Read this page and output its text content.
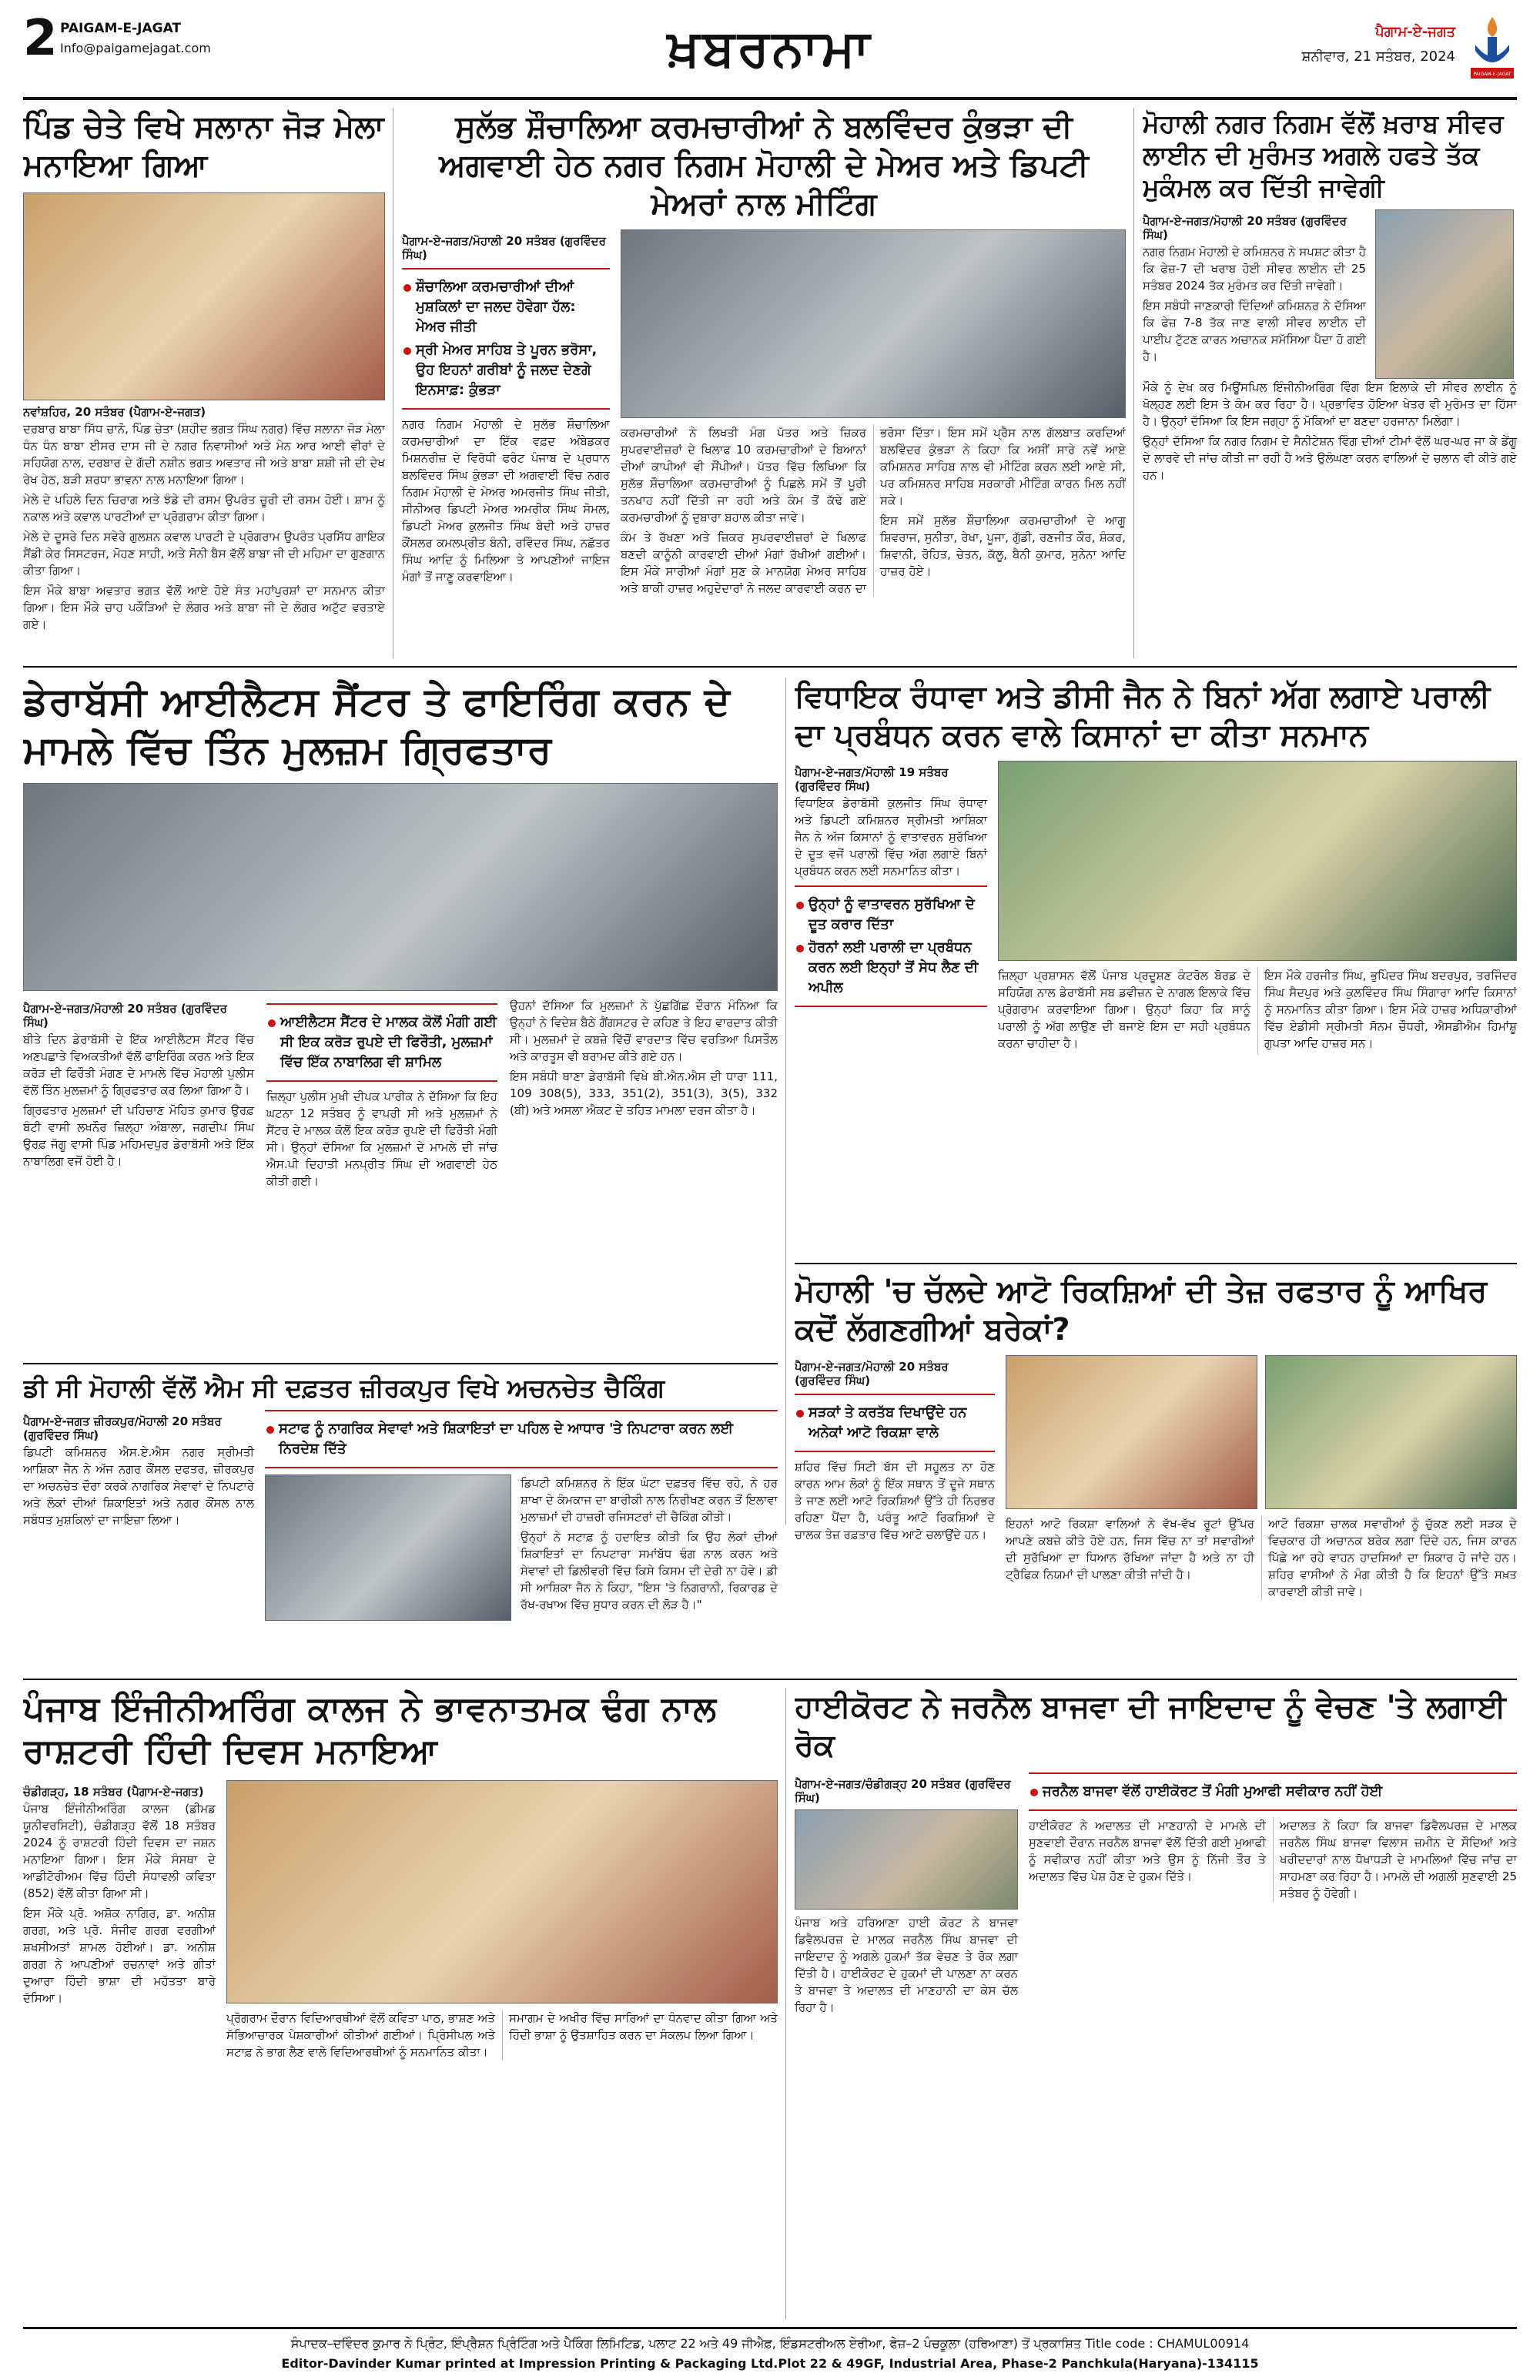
2 PAIGAM-E-JAGAT
Info@paigamejagat.com	ਖ਼ਬਰਨਾਮਾ	ਪੈਗਾਮ-ਏ-ਜਗਤ
ਸ਼ਨੀਵਾਰ, 21 ਸਤੰਬਰ, 2024
PAIGAM-E-JAGAT
ਪਿੰਡ ਚੇਤੇ ਵਿਖੇ ਸਲਾਨਾ ਜੋੜ ਮੇਲਾ ਮਨਾਇਆ ਗਿਆ
ਨਵਾਂਸ਼ਹਿਰ, 20 ਸਤੰਬਰ (ਪੈਗਾਮ-ਏ-ਜਗਤ)

ਦਰਬਾਰ ਬਾਬਾ ਸਿੱਧ ਚਾਨੋ, ਪਿੰਡ ਚੇਤਾ (ਸ਼ਹੀਦ ਭਗਤ ਸਿੰਘ ਨਗਰ) ਵਿੱਚ ਸਲਾਨਾ ਜੋੜ ਮੇਲਾ ਧੰਨ ਧੰਨ ਬਾਬਾ ਈਸਰ ਦਾਸ ਜੀ ਦੇ ਨਗਰ ਨਿਵਾਸੀਆਂ ਅਤੇ ਮੇਨ ਆਰ ਆਈ ਵੀਰਾਂ ਦੇ ਸਹਿਯੋਗ ਨਾਲ, ਦਰਬਾਰ ਦੇ ਗੱਦੀ ਨਸ਼ੀਨ ਭਗਤ ਅਵਤਾਰ ਜੀ ਅਤੇ ਬਾਬਾ ਸ਼ਸ਼ੀ ਜੀ ਦੀ ਦੇਖ ਰੇਖ ਹੇਠ, ਬੜੀ ਸ਼ਰਧਾ ਭਾਵਨਾ ਨਾਲ ਮਨਾਇਆ ਗਿਆ।

ਮੇਲੇ ਦੇ ਪਹਿਲੇ ਦਿਨ ਚਿਰਾਗ ਅਤੇ ਝੰਡੇ ਦੀ ਰਸਮ ਉਪਰੰਤ ਚੂਰੀ ਦੀ ਰਸਮ ਹੋਈ। ਸ਼ਾਮ ਨੂੰ ਨਕਾਲ ਅਤੇ ਕਵਾਲ ਪਾਰਟੀਆਂ ਦਾ ਪ੍ਰੋਗਰਾਮ ਕੀਤਾ ਗਿਆ।

ਮੇਲੇ ਦੇ ਦੂਸਰੇ ਦਿਨ ਸਵੇਰੇ ਗੁਲਸ਼ਨ ਕਵਾਲ ਪਾਰਟੀ ਦੇ ਪ੍ਰੋਗਰਾਮ ਉਪਰੰਤ ਪ੍ਰਸਿੱਧ ਗਾਇਕ ਸੈਂਡੀ ਕੇਰ ਸਿਸਟਰਜ, ਮੋਹਣ ਸਾਹੀ, ਅਤੇ ਸੋਨੀ ਬੈਸ ਵੱਲੋਂ ਬਾਬਾ ਜੀ ਦੀ ਮਹਿਮਾ ਦਾ ਗੁਣਗਾਨ ਕੀਤਾ ਗਿਆ।

ਇਸ ਮੌਕੇ ਬਾਬਾ ਅਵਤਾਰ ਭਗਤ ਵੱਲੋਂ ਆਏ ਹੋਏ ਸੰਤ ਮਹਾਂਪੁਰਸ਼ਾਂ ਦਾ ਸਨਮਾਨ ਕੀਤਾ ਗਿਆ। ਇਸ ਮੌਕੇ ਚਾਹ ਪਕੌੜਿਆਂ ਦੇ ਲੰਗਰ ਅਤੇ ਬਾਬਾ ਜੀ ਦੇ ਲੰਗਰ ਅਟੁੱਟ ਵਰਤਾਏ ਗਏ।

ਸੁਲੱਭ ਸ਼ੌਚਾਲਿਆ ਕਰਮਚਾਰੀਆਂ ਨੇ ਬਲਵਿੰਦਰ ਕੁੰਭੜਾ ਦੀ ਅਗਵਾਈ ਹੇਠ ਨਗਰ ਨਿਗਮ ਮੋਹਾਲੀ ਦੇ ਮੇਅਰ ਅਤੇ ਡਿਪਟੀ ਮੇਅਰਾਂ ਨਾਲ ਮੀਟਿੰਗ
ਪੈਗਾਮ-ਏ-ਜਗਤ/ਮੋਹਾਲੀ 20 ਸਤੰਬਰ (ਗੁਰਵਿੰਦਰ ਸਿੰਘ)
ਸ਼ੌਚਾਲਿਆ ਕਰਮਚਾਰੀਆਂ ਦੀਆਂ ਮੁਸ਼ਕਿਲਾਂ ਦਾ ਜਲਦ ਹੋਵੇਗਾ ਹੱਲ: ਮੇਅਰ ਜੀਤੀ
ਸ੍ਰੀ ਮੇਅਰ ਸਾਹਿਬ ਤੇ ਪੂਰਨ ਭਰੋਸਾ, ਉਹ ਇਹਨਾਂ ਗਰੀਬਾਂ ਨੂੰ ਜਲਦ ਦੇਣਗੇ ਇਨਸਾਫ਼: ਕੁੰਭੜਾ

ਨਗਰ ਨਿਗਮ ਮੋਹਾਲੀ ਦੇ ਸੁਲੱਭ ਸ਼ੌਚਾਲਿਆ ਕਰਮਚਾਰੀਆਂ ਦਾ ਇੱਕ ਵਫ਼ਦ ਅੰਬੇਡਕਰ ਮਿਸ਼ਨਰੀਜ਼ ਦੇ ਵਿਰੋਧੀ ਫਰੰਟ ਪੰਜਾਬ ਦੇ ਪ੍ਰਧਾਨ ਬਲਵਿੰਦਰ ਸਿੰਘ ਕੁੰਭੜਾ ਦੀ ਅਗਵਾਈ ਵਿੱਚ ਨਗਰ ਨਿਗਮ ਮੋਹਾਲੀ ਦੇ ਮੇਅਰ ਅਮਰਜੀਤ ਸਿੰਘ ਜੀਤੀ, ਸੀਨੀਅਰ ਡਿਪਟੀ ਮੇਅਰ ਅਮਰੀਕ ਸਿੰਘ ਸੋਮਲ, ਡਿਪਟੀ ਮੇਅਰ ਕੁਲਜੀਤ ਸਿੰਘ ਬੇਦੀ ਅਤੇ ਹਾਜ਼ਰ ਕੌਂਸਲਰ ਕਮਲਪ੍ਰੀਤ ਬੰਨੀ, ਰਵਿੰਦਰ ਸਿੰਘ, ਨਛੱਤਰ ਸਿੰਘ ਆਦਿ ਨੂੰ ਮਿਲਿਆ ਤੇ ਆਪਣੀਆਂ ਜਾਇਜ ਮੰਗਾਂ ਤੋਂ ਜਾਣੂ ਕਰਵਾਇਆ।

ਕਰਮਚਾਰੀਆਂ ਨੇ ਲਿਖਤੀ ਮੰਗ ਪੱਤਰ ਅਤੇ ਜ਼ਿਕਰ ਸੁਪਰਵਾਈਜ਼ਰਾਂ ਦੇ ਖਿਲਾਫ 10 ਕਰਮਚਾਰੀਆਂ ਦੇ ਬਿਆਨਾਂ ਦੀਆਂ ਕਾਪੀਆਂ ਵੀ ਸੌਂਪੀਆਂ। ਪੱਤਰ ਵਿੱਚ ਲਿਖਿਆ ਕਿ ਸੁਲੱਭ ਸ਼ੌਚਾਲਿਆ ਕਰਮਚਾਰੀਆਂ ਨੂੰ ਪਿਛਲੇ ਸਮੇਂ ਤੋਂ ਪੂਰੀ ਤਨਖਾਹ ਨਹੀਂ ਦਿੱਤੀ ਜਾ ਰਹੀ ਅਤੇ ਕੰਮ ਤੋਂ ਕੱਢੇ ਗਏ ਕਰਮਚਾਰੀਆਂ ਨੂੰ ਦੁਬਾਰਾ ਬਹਾਲ ਕੀਤਾ ਜਾਵੇ।

ਕੰਮ ਤੇ ਰੱਖਣਾ ਅਤੇ ਜ਼ਿਕਰ ਸੁਪਰਵਾਈਜ਼ਰਾਂ ਦੇ ਖਿਲਾਫ ਬਣਦੀ ਕਾਨੂੰਨੀ ਕਾਰਵਾਈ ਦੀਆਂ ਮੰਗਾਂ ਰੱਖੀਆਂ ਗਈਆਂ। ਇਸ ਮੌਕੇ ਸਾਰੀਆਂ ਮੰਗਾਂ ਸੁਣ ਕੇ ਮਾਨਯੋਗ ਮੇਅਰ ਸਾਹਿਬ ਅਤੇ ਬਾਕੀ ਹਾਜ਼ਰ ਅਹੁਦੇਦਾਰਾਂ ਨੇ ਜਲਦ ਕਾਰਵਾਈ ਕਰਨ ਦਾ ਭਰੋਸਾ ਦਿੱਤਾ। ਇਸ ਸਮੇਂ ਪ੍ਰੈਸ ਨਾਲ ਗੱਲਬਾਤ ਕਰਦਿਆਂ ਬਲਵਿੰਦਰ ਕੁੰਭੜਾ ਨੇ ਕਿਹਾ ਕਿ ਅਸੀਂ ਸਾਰੇ ਨਵੇਂ ਆਏ ਕਮਿਸ਼ਨਰ ਸਾਹਿਬ ਨਾਲ ਵੀ ਮੀਟਿੰਗ ਕਰਨ ਲਈ ਆਏ ਸੀ, ਪਰ ਕਮਿਸ਼ਨਰ ਸਾਹਿਬ ਸਰਕਾਰੀ ਮੀਟਿੰਗ ਕਾਰਨ ਮਿਲ ਨਹੀਂ ਸਕੇ।

ਇਸ ਸਮੇਂ ਸੁਲੱਭ ਸ਼ੌਚਾਲਿਆ ਕਰਮਚਾਰੀਆਂ ਦੇ ਆਗੂ ਸ਼ਿਵਰਾਜ, ਸੁਨੀਤਾ, ਰੇਖਾ, ਪੂਜਾ, ਗੁੱਡੀ, ਰਣਜੀਤ ਕੌਰ, ਸ਼ੰਕਰ, ਸ਼ਿਵਾਨੀ, ਰੋਹਿਤ, ਚੇਤਨ, ਕੱਲੂ, ਬੈਨੀ ਕੁਮਾਰ, ਸੁਨੇਨਾ ਆਦਿ ਹਾਜ਼ਰ ਹੋਏ।

ਮੋਹਾਲੀ ਨਗਰ ਨਿਗਮ ਵੱਲੋਂ ਖ਼ਰਾਬ ਸੀਵਰ ਲਾਈਨ ਦੀ ਮੁਰੰਮਤ ਅਗਲੇ ਹਫਤੇ ਤੱਕ ਮੁਕੰਮਲ ਕਰ ਦਿੱਤੀ ਜਾਵੇਗੀ
ਪੈਗਾਮ-ਏ-ਜਗਤ/ਮੋਹਾਲੀ 20 ਸਤੰਬਰ (ਗੁਰਵਿੰਦਰ ਸਿੰਘ)

ਨਗਰ ਨਿਗਮ ਮੋਹਾਲੀ ਦੇ ਕਮਿਸ਼ਨਰ ਨੇ ਸਪਸ਼ਟ ਕੀਤਾ ਹੈ ਕਿ ਫੇਜ਼-7 ਦੀ ਖਰਾਬ ਹੋਈ ਸੀਵਰ ਲਾਈਨ ਦੀ 25 ਸਤੰਬਰ 2024 ਤੱਕ ਮੁਰੰਮਤ ਕਰ ਦਿੱਤੀ ਜਾਵੇਗੀ।

ਇਸ ਸਬੰਧੀ ਜਾਣਕਾਰੀ ਦਿੰਦਿਆਂ ਕਮਿਸ਼ਨਰ ਨੇ ਦੱਸਿਆ ਕਿ ਫੇਜ਼ 7-8 ਤੱਕ ਜਾਣ ਵਾਲੀ ਸੀਵਰ ਲਾਈਨ ਦੀ ਪਾਈਪ ਟੁੱਟਣ ਕਾਰਨ ਅਚਾਨਕ ਸਮੱਸਿਆ ਪੈਦਾ ਹੋ ਗਈ ਹੈ।

ਮੌਕੇ ਨੂੰ ਦੇਖ ਕਰ ਮਿਊਂਸਪਿਲ ਇੰਜੀਨੀਅਰਿੰਗ ਵਿੰਗ ਇਸ ਇਲਾਕੇ ਦੀ ਸੀਵਰ ਲਾਈਨ ਨੂੰ ਖੋਲ੍ਹਣ ਲਈ ਇਸ ਤੇ ਕੰਮ ਕਰ ਰਿਹਾ ਹੈ। ਪ੍ਰਭਾਵਿਤ ਹੋਇਆ ਖੇਤਰ ਵੀ ਮੁਰੰਮਤ ਦਾ ਹਿੱਸਾ ਹੈ। ਉਨ੍ਹਾਂ ਦੱਸਿਆ ਕਿ ਇਸ ਜਗ੍ਹਾ ਨੂੰ ਮੋਕਿਆਂ ਦਾ ਬਣਦਾ ਹਰਜਾਨਾ ਮਿਲੇਗਾ।

ਉਨ੍ਹਾਂ ਦੱਸਿਆ ਕਿ ਨਗਰ ਨਿਗਮ ਦੇ ਸੈਨੀਟੇਸ਼ਨ ਵਿੰਗ ਦੀਆਂ ਟੀਮਾਂ ਵੱਲੋਂ ਘਰ-ਘਰ ਜਾ ਕੇ ਡੇਂਗੂ ਦੇ ਲਾਰਵੇ ਦੀ ਜਾਂਚ ਕੀਤੀ ਜਾ ਰਹੀ ਹੈ ਅਤੇ ਉਲੰਘਣਾ ਕਰਨ ਵਾਲਿਆਂ ਦੇ ਚਲਾਨ ਵੀ ਕੀਤੇ ਗਏ ਹਨ।

ਡੇਰਾਬੱਸੀ ਆਈਲੈਟਸ ਸੈਂਟਰ ਤੇ ਫਾਇਰਿੰਗ ਕਰਨ ਦੇ ਮਾਮਲੇ ਵਿੱਚ ਤਿੰਨ ਮੁਲਜ਼ਮ ਗ੍ਰਿਫਤਾਰ
ਪੈਗਾਮ-ਏ-ਜਗਤ/ਮੋਹਾਲੀ 20 ਸਤੰਬਰ (ਗੁਰਵਿੰਦਰ ਸਿੰਘ)

ਬੀਤੇ ਦਿਨ ਡੇਰਾਬੱਸੀ ਦੇ ਇੱਕ ਆਈਲੈਟਸ ਸੈਂਟਰ ਵਿੱਚ ਅਣਪਛਾਤੇ ਵਿਅਕਤੀਆਂ ਵੱਲੋਂ ਫਾਇਰਿੰਗ ਕਰਨ ਅਤੇ ਇਕ ਕਰੋੜ ਦੀ ਫਿਰੌਤੀ ਮੰਗਣ ਦੇ ਮਾਮਲੇ ਵਿੱਚ ਮੋਹਾਲੀ ਪੁਲੀਸ ਵੱਲੋਂ ਤਿੰਨ ਮੁਲਜ਼ਮਾਂ ਨੂੰ ਗ੍ਰਿਫਤਾਰ ਕਰ ਲਿਆ ਗਿਆ ਹੈ।

ਗ੍ਰਿਫਤਾਰ ਮੁਲਜ਼ਮਾਂ ਦੀ ਪਹਿਚਾਣ ਮੋਹਿਤ ਕੁਮਾਰ ਉਰਫ਼ ਬੰਟੀ ਵਾਸੀ ਲਖਨੌਰ ਜ਼ਿਲ੍ਹਾ ਅੰਬਾਲਾ, ਜਗਦੀਪ ਸਿੰਘ ਉਰਫ਼ ਜੱਗੂ ਵਾਸੀ ਪਿੰਡ ਮਹਿਮਦਪੁਰ ਡੇਰਾਬੱਸੀ ਅਤੇ ਇੱਕ ਨਾਬਾਲਿਗ ਵਜੋਂ ਹੋਈ ਹੈ।

ਆਈਲੈਟਸ ਸੈਂਟਰ ਦੇ ਮਾਲਕ ਕੋਲੋਂ ਮੰਗੀ ਗਈ ਸੀ ਇਕ ਕਰੋੜ ਰੁਪਏ ਦੀ ਫਿਰੌਤੀ, ਮੁਲਜ਼ਮਾਂ ਵਿੱਚ ਇੱਕ ਨਾਬਾਲਿਗ ਵੀ ਸ਼ਾਮਿਲ

ਜ਼ਿਲ੍ਹਾ ਪੁਲੀਸ ਮੁਖੀ ਦੀਪਕ ਪਾਰੀਕ ਨੇ ਦੱਸਿਆ ਕਿ ਇਹ ਘਟਨਾ 12 ਸਤੰਬਰ ਨੂੰ ਵਾਪਰੀ ਸੀ ਅਤੇ ਮੁਲਜ਼ਮਾਂ ਨੇ ਸੈਂਟਰ ਦੇ ਮਾਲਕ ਕੋਲੋਂ ਇਕ ਕਰੋੜ ਰੁਪਏ ਦੀ ਫਿਰੌਤੀ ਮੰਗੀ ਸੀ। ਉਨ੍ਹਾਂ ਦੱਸਿਆ ਕਿ ਮੁਲਜ਼ਮਾਂ ਦੇ ਮਾਮਲੇ ਦੀ ਜਾਂਚ ਐਸ.ਪੀ ਦਿਹਾਤੀ ਮਨਪ੍ਰੀਤ ਸਿੰਘ ਦੀ ਅਗਵਾਈ ਹੇਠ ਕੀਤੀ ਗਈ।

ਉਹਨਾਂ ਦੱਸਿਆ ਕਿ ਮੁਲਜ਼ਮਾਂ ਨੇ ਪੁੱਛਗਿੱਛ ਦੌਰਾਨ ਮੰਨਿਆ ਕਿ ਉਨ੍ਹਾਂ ਨੇ ਵਿਦੇਸ਼ ਬੈਠੇ ਗੈਂਗਸਟਰ ਦੇ ਕਹਿਣ ਤੇ ਇਹ ਵਾਰਦਾਤ ਕੀਤੀ ਸੀ। ਮੁਲਜ਼ਮਾਂ ਦੇ ਕਬਜ਼ੇ ਵਿੱਚੋਂ ਵਾਰਦਾਤ ਵਿੱਚ ਵਰਤਿਆ ਪਿਸਤੌਲ ਅਤੇ ਕਾਰਤੂਸ ਵੀ ਬਰਾਮਦ ਕੀਤੇ ਗਏ ਹਨ।

ਇਸ ਸਬੰਧੀ ਥਾਣਾ ਡੇਰਾਬੱਸੀ ਵਿਖੇ ਬੀ.ਐਨ.ਐਸ ਦੀ ਧਾਰਾ 111, 109 308(5), 333, 351(2), 351(3), 3(5), 332 (ਬੀ) ਅਤੇ ਅਸਲਾ ਐਕਟ ਦੇ ਤਹਿਤ ਮਾਮਲਾ ਦਰਜ ਕੀਤਾ ਹੈ।

ਵਿਧਾਇਕ ਰੰਧਾਵਾ ਅਤੇ ਡੀਸੀ ਜੈਨ ਨੇ ਬਿਨਾਂ ਅੱਗ ਲਗਾਏ ਪਰਾਲੀ ਦਾ ਪ੍ਰਬੰਧਨ ਕਰਨ ਵਾਲੇ ਕਿਸਾਨਾਂ ਦਾ ਕੀਤਾ ਸਨਮਾਨ
ਪੈਗਾਮ-ਏ-ਜਗਤ/ਮੋਹਾਲੀ 19 ਸਤੰਬਰ (ਗੁਰਵਿੰਦਰ ਸਿੰਘ)

ਵਿਧਾਇਕ ਡੇਰਾਬੱਸੀ ਕੁਲਜੀਤ ਸਿੰਘ ਰੰਧਾਵਾ ਅਤੇ ਡਿਪਟੀ ਕਮਿਸ਼ਨਰ ਸ੍ਰੀਮਤੀ ਆਸ਼ਿਕਾ ਜੈਨ ਨੇ ਅੱਜ ਕਿਸਾਨਾਂ ਨੂੰ ਵਾਤਾਵਰਨ ਸੁਰੱਖਿਆ ਦੇ ਦੂਤ ਵਜੋਂ ਪਰਾਲੀ ਵਿੱਚ ਅੱਗ ਲਗਾਏ ਬਿਨਾਂ ਪ੍ਰਬੰਧਨ ਕਰਨ ਲਈ ਸਨਮਾਨਿਤ ਕੀਤਾ।

ਉਨ੍ਹਾਂ ਨੂੰ ਵਾਤਾਵਰਨ ਸੁਰੱਖਿਆ ਦੇ ਦੂਤ ਕਰਾਰ ਦਿੱਤਾ
ਹੋਰਨਾਂ ਲਈ ਪਰਾਲੀ ਦਾ ਪ੍ਰਬੰਧਨ ਕਰਨ ਲਈ ਇਨ੍ਹਾਂ ਤੋਂ ਸੇਧ ਲੈਣ ਦੀ ਅਪੀਲ

ਜ਼ਿਲ੍ਹਾ ਪ੍ਰਸ਼ਾਸਨ ਵੱਲੋਂ ਪੰਜਾਬ ਪ੍ਰਦੂਸ਼ਣ ਕੰਟਰੋਲ ਬੋਰਡ ਦੇ ਸਹਿਯੋਗ ਨਾਲ ਡੇਰਾਬੱਸੀ ਸਬ ਡਵੀਜ਼ਨ ਦੇ ਨਾਗਲ ਇਲਾਕੇ ਵਿੱਚ ਪ੍ਰੋਗਰਾਮ ਕਰਵਾਇਆ ਗਿਆ। ਉਨ੍ਹਾਂ ਕਿਹਾ ਕਿ ਸਾਨੂੰ ਪਰਾਲੀ ਨੂੰ ਅੱਗ ਲਾਉਣ ਦੀ ਬਜਾਏ ਇਸ ਦਾ ਸਹੀ ਪ੍ਰਬੰਧਨ ਕਰਨਾ ਚਾਹੀਦਾ ਹੈ।

ਇਸ ਮੌਕੇ ਹਰਜੀਤ ਸਿੰਘ, ਭੁਪਿੰਦਰ ਸਿੰਘ ਬਦਰਪੁਰ, ਤਰਜਿੰਦਰ ਸਿੰਘ ਸੈਦਪੁਰ ਅਤੇ ਕੁਲਵਿੰਦਰ ਸਿੰਘ ਸਿੰਗਾਰਾ ਆਦਿ ਕਿਸਾਨਾਂ ਨੂੰ ਸਨਮਾਨਿਤ ਕੀਤਾ ਗਿਆ। ਇਸ ਮੌਕੇ ਹਾਜ਼ਰ ਅਧਿਕਾਰੀਆਂ ਵਿੱਚ ਏਡੀਸੀ ਸ੍ਰੀਮਤੀ ਸੋਨਮ ਚੌਧਰੀ, ਐਸਡੀਐਮ ਹਿਮਾਂਸ਼ੂ ਗੁਪਤਾ ਆਦਿ ਹਾਜ਼ਰ ਸਨ।

ਮੋਹਾਲੀ 'ਚ ਚੱਲਦੇ ਆਟੋ ਰਿਕਸ਼ਿਆਂ ਦੀ ਤੇਜ਼ ਰਫਤਾਰ ਨੂੰ ਆਖਿਰ ਕਦੋਂ ਲੱਗਣਗੀਆਂ ਬਰੇਕਾਂ?
ਪੈਗਾਮ-ਏ-ਜਗਤ/ਮੋਹਾਲੀ 20 ਸਤੰਬਰ (ਗੁਰਵਿੰਦਰ ਸਿੰਘ)
ਸੜਕਾਂ ਤੇ ਕਰਤੱਬ ਦਿਖਾਉਂਦੇ ਹਨ ਅਨੇਕਾਂ ਆਟੋ ਰਿਕਸ਼ਾ ਵਾਲੇ

ਸ਼ਹਿਰ ਵਿੱਚ ਸਿਟੀ ਬੱਸ ਦੀ ਸਹੂਲਤ ਨਾ ਹੋਣ ਕਾਰਨ ਆਮ ਲੋਕਾਂ ਨੂੰ ਇੱਕ ਸਥਾਨ ਤੋਂ ਦੂਜੇ ਸਥਾਨ ਤੇ ਜਾਣ ਲਈ ਆਟੋ ਰਿਕਸ਼ਿਆਂ ਉੱਤੇ ਹੀ ਨਿਰਭਰ ਰਹਿਣਾ ਪੈਂਦਾ ਹੈ, ਪਰੰਤੂ ਆਟੋ ਰਿਕਸ਼ਿਆਂ ਦੇ ਚਾਲਕ ਤੇਜ਼ ਰਫ਼ਤਾਰ ਵਿੱਚ ਆਟੋ ਚਲਾਉਂਦੇ ਹਨ।

ਇਹਨਾਂ ਆਟੋ ਰਿਕਸ਼ਾ ਵਾਲਿਆਂ ਨੇ ਵੱਖ-ਵੱਖ ਰੂਟਾਂ ਉੱਪਰ ਆਪਣੇ ਕਬਜ਼ੇ ਕੀਤੇ ਹੋਏ ਹਨ, ਜਿਸ ਵਿੱਚ ਨਾ ਤਾਂ ਸਵਾਰੀਆਂ ਦੀ ਸੁਰੱਖਿਆ ਦਾ ਧਿਆਨ ਰੱਖਿਆ ਜਾਂਦਾ ਹੈ ਅਤੇ ਨਾ ਹੀ ਟ੍ਰੈਫਿਕ ਨਿਯਮਾਂ ਦੀ ਪਾਲਣਾ ਕੀਤੀ ਜਾਂਦੀ ਹੈ।

ਆਟੋ ਰਿਕਸ਼ਾ ਚਾਲਕ ਸਵਾਰੀਆਂ ਨੂੰ ਚੁੱਕਣ ਲਈ ਸੜਕ ਦੇ ਵਿਚਕਾਰ ਹੀ ਅਚਾਨਕ ਬਰੇਕ ਲਗਾ ਦਿੰਦੇ ਹਨ, ਜਿਸ ਕਾਰਨ ਪਿੱਛੇ ਆ ਰਹੇ ਵਾਹਨ ਹਾਦਸਿਆਂ ਦਾ ਸ਼ਿਕਾਰ ਹੋ ਜਾਂਦੇ ਹਨ। ਸ਼ਹਿਰ ਵਾਸੀਆਂ ਨੇ ਮੰਗ ਕੀਤੀ ਹੈ ਕਿ ਇਹਨਾਂ ਉੱਤੇ ਸਖ਼ਤ ਕਾਰਵਾਈ ਕੀਤੀ ਜਾਵੇ।

ਡੀ ਸੀ ਮੋਹਾਲੀ ਵੱਲੋਂ ਐਮ ਸੀ ਦਫ਼ਤਰ ਜ਼ੀਰਕਪੁਰ ਵਿਖੇ ਅਚਨਚੇਤ ਚੈਕਿੰਗ
ਪੈਗਾਮ-ਏ-ਜਗਤ ਜ਼ੀਰਕਪੁਰ/ਮੋਹਾਲੀ 20 ਸਤੰਬਰ (ਗੁਰਵਿੰਦਰ ਸਿੰਘ)

ਡਿਪਟੀ ਕਮਿਸ਼ਨਰ ਐਸ.ਏ.ਐਸ ਨਗਰ ਸ੍ਰੀਮਤੀ ਆਸ਼ਿਕਾ ਜੈਨ ਨੇ ਅੱਜ ਨਗਰ ਕੌਂਸਲ ਦਫਤਰ, ਜ਼ੀਰਕਪੁਰ ਦਾ ਅਚਨਚੇਤ ਦੌਰਾ ਕਰਕੇ ਨਾਗਰਿਕ ਸੇਵਾਵਾਂ ਦੇ ਨਿਪਟਾਰੇ ਅਤੇ ਲੋਕਾਂ ਦੀਆਂ ਸ਼ਿਕਾਇਤਾਂ ਅਤੇ ਨਗਰ ਕੌਂਸਲ ਨਾਲ ਸਬੰਧਤ ਮੁਸ਼ਕਿਲਾਂ ਦਾ ਜਾਇਜ਼ਾ ਲਿਆ।

ਸਟਾਫ ਨੂੰ ਨਾਗਰਿਕ ਸੇਵਾਵਾਂ ਅਤੇ ਸ਼ਿਕਾਇਤਾਂ ਦਾ ਪਹਿਲ ਦੇ ਆਧਾਰ 'ਤੇ ਨਿਪਟਾਰਾ ਕਰਨ ਲਈ ਨਿਰਦੇਸ਼ ਦਿੱਤੇ

ਡਿਪਟੀ ਕਮਿਸ਼ਨਰ ਨੇ ਇੱਕ ਘੰਟਾ ਦਫ਼ਤਰ ਵਿੱਚ ਰਹੇ, ਨੇ ਹਰ ਸ਼ਾਖਾ ਦੇ ਕੰਮਕਾਜ ਦਾ ਬਾਰੀਕੀ ਨਾਲ ਨਿਰੀਖਣ ਕਰਨ ਤੋਂ ਇਲਾਵਾ ਮੁਲਾਜ਼ਮਾਂ ਦੀ ਹਾਜ਼ਰੀ ਰਜਿਸਟਰਾਂ ਦੀ ਚੈਕਿੰਗ ਕੀਤੀ।

ਉਨ੍ਹਾਂ ਨੇ ਸਟਾਫ਼ ਨੂੰ ਹਦਾਇਤ ਕੀਤੀ ਕਿ ਉਹ ਲੋਕਾਂ ਦੀਆਂ ਸ਼ਿਕਾਇਤਾਂ ਦਾ ਨਿਪਟਾਰਾ ਸਮਾਂਬੱਧ ਢੰਗ ਨਾਲ ਕਰਨ ਅਤੇ ਸੇਵਾਵਾਂ ਦੀ ਡਿਲੀਵਰੀ ਵਿੱਚ ਕਿਸੇ ਕਿਸਮ ਦੀ ਦੇਰੀ ਨਾ ਹੋਵੇ। ਡੀ ਸੀ ਆਸ਼ਿਕਾ ਜੈਨ ਨੇ ਕਿਹਾ, "ਇਸ 'ਤੇ ਨਿਗਰਾਨੀ, ਰਿਕਾਰਡ ਦੇ ਰੱਖ-ਰਖਾਅ ਵਿੱਚ ਸੁਧਾਰ ਕਰਨ ਦੀ ਲੋੜ ਹੈ।"

ਪੰਜਾਬ ਇੰਜੀਨੀਅਰਿੰਗ ਕਾਲਜ ਨੇ ਭਾਵਨਾਤਮਕ ਢੰਗ ਨਾਲ ਰਾਸ਼ਟਰੀ ਹਿੰਦੀ ਦਿਵਸ ਮਨਾਇਆ
ਚੰਡੀਗੜ੍ਹ, 18 ਸਤੰਬਰ (ਪੈਗਾਮ-ਏ-ਜਗਤ)

ਪੰਜਾਬ ਇੰਜੀਨੀਅਰਿੰਗ ਕਾਲਜ (ਡੀਮਡ ਯੂਨੀਵਰਸਿਟੀ), ਚੰਡੀਗੜ੍ਹ ਵੱਲੋਂ 18 ਸਤੰਬਰ 2024 ਨੂੰ ਰਾਸ਼ਟਰੀ ਹਿੰਦੀ ਦਿਵਸ ਦਾ ਜਸ਼ਨ ਮਨਾਇਆ ਗਿਆ। ਇਸ ਮੌਕੇ ਸੰਸਥਾ ਦੇ ਆਡੀਟੋਰੀਅਮ ਵਿੱਚ ਹਿੰਦੀ ਸੰਧਾਵਲੀ ਕਵਿਤਾ (852) ਵੱਲੋਂ ਕੀਤਾ ਗਿਆ ਸੀ।

ਇਸ ਮੌਕੇ ਪ੍ਰੋ. ਅਸ਼ੋਕ ਨਾਗਿਰ, ਡਾ. ਅਨੀਸ਼ ਗਰਗ, ਅਤੇ ਪ੍ਰੋ. ਸੰਜੀਵ ਗਰਗ ਵਰਗੀਆਂ ਸ਼ਖਸੀਅਤਾਂ ਸ਼ਾਮਲ ਹੋਈਆਂ। ਡਾ. ਅਨੀਸ਼ ਗਰਗ ਨੇ ਆਪਣੀਆਂ ਰਚਨਾਵਾਂ ਅਤੇ ਗੀਤਾਂ ਦੁਆਰਾ ਹਿੰਦੀ ਭਾਸ਼ਾ ਦੀ ਮਹੱਤਤਾ ਬਾਰੇ ਦੱਸਿਆ।

ਪ੍ਰੋਗਰਾਮ ਦੌਰਾਨ ਵਿਦਿਆਰਥੀਆਂ ਵੱਲੋਂ ਕਵਿਤਾ ਪਾਠ, ਭਾਸ਼ਣ ਅਤੇ ਸੱਭਿਆਚਾਰਕ ਪੇਸ਼ਕਾਰੀਆਂ ਕੀਤੀਆਂ ਗਈਆਂ। ਪ੍ਰਿੰਸੀਪਲ ਅਤੇ ਸਟਾਫ਼ ਨੇ ਭਾਗ ਲੈਣ ਵਾਲੇ ਵਿਦਿਆਰਥੀਆਂ ਨੂੰ ਸਨਮਾਨਿਤ ਕੀਤਾ।

ਸਮਾਗਮ ਦੇ ਅਖੀਰ ਵਿੱਚ ਸਾਰਿਆਂ ਦਾ ਧੰਨਵਾਦ ਕੀਤਾ ਗਿਆ ਅਤੇ ਹਿੰਦੀ ਭਾਸ਼ਾ ਨੂੰ ਉਤਸ਼ਾਹਿਤ ਕਰਨ ਦਾ ਸੰਕਲਪ ਲਿਆ ਗਿਆ।

ਹਾਈਕੋਰਟ ਨੇ ਜਰਨੈਲ ਬਾਜਵਾ ਦੀ ਜਾਇਦਾਦ ਨੂੰ ਵੇਚਣ 'ਤੇ ਲਗਾਈ ਰੋਕ
ਪੈਗਾਮ-ਏ-ਜਗਤ/ਚੰਡੀਗੜ੍ਹ 20 ਸਤੰਬਰ (ਗੁਰਵਿੰਦਰ ਸਿੰਘ)

ਪੰਜਾਬ ਅਤੇ ਹਰਿਆਣਾ ਹਾਈ ਕੋਰਟ ਨੇ ਬਾਜਵਾ ਡਿਵੈਲਪਰਜ਼ ਦੇ ਮਾਲਕ ਜਰਨੈਲ ਸਿੰਘ ਬਾਜਵਾ ਦੀ ਜਾਇਦਾਦ ਨੂੰ ਅਗਲੇ ਹੁਕਮਾਂ ਤੱਕ ਵੇਚਣ ਤੇ ਰੋਕ ਲਗਾ ਦਿੱਤੀ ਹੈ। ਹਾਈਕੋਰਟ ਦੇ ਹੁਕਮਾਂ ਦੀ ਪਾਲਣਾ ਨਾ ਕਰਨ ਤੇ ਬਾਜਵਾ ਤੇ ਅਦਾਲਤ ਦੀ ਮਾਣਹਾਨੀ ਦਾ ਕੇਸ ਚੱਲ ਰਿਹਾ ਹੈ।

ਜਰਨੈਲ ਬਾਜਵਾ ਵੱਲੋਂ ਹਾਈਕੋਰਟ ਤੋਂ ਮੰਗੀ ਮੁਆਫੀ ਸਵੀਕਾਰ ਨਹੀਂ ਹੋਈ

ਹਾਈਕੋਰਟ ਨੇ ਅਦਾਲਤ ਦੀ ਮਾਣਹਾਨੀ ਦੇ ਮਾਮਲੇ ਦੀ ਸੁਣਵਾਈ ਦੌਰਾਨ ਜਰਨੈਲ ਬਾਜਵਾ ਵੱਲੋਂ ਦਿੱਤੀ ਗਈ ਮੁਆਫੀ ਨੂੰ ਸਵੀਕਾਰ ਨਹੀਂ ਕੀਤਾ ਅਤੇ ਉਸ ਨੂੰ ਨਿੱਜੀ ਤੌਰ ਤੇ ਅਦਾਲਤ ਵਿੱਚ ਪੇਸ਼ ਹੋਣ ਦੇ ਹੁਕਮ ਦਿੱਤੇ।

ਅਦਾਲਤ ਨੇ ਕਿਹਾ ਕਿ ਬਾਜਵਾ ਡਿਵੈਲਪਰਜ਼ ਦੇ ਮਾਲਕ ਜਰਨੈਲ ਸਿੰਘ ਬਾਜਵਾ ਵਿਲਾਸ ਜ਼ਮੀਨ ਦੇ ਸੌਦਿਆਂ ਅਤੇ ਖਰੀਦਦਾਰਾਂ ਨਾਲ ਧੋਖਾਧੜੀ ਦੇ ਮਾਮਲਿਆਂ ਵਿੱਚ ਜਾਂਚ ਦਾ ਸਾਹਮਣਾ ਕਰ ਰਿਹਾ ਹੈ। ਮਾਮਲੇ ਦੀ ਅਗਲੀ ਸੁਣਵਾਈ 25 ਸਤੰਬਰ ਨੂੰ ਹੋਵੇਗੀ।

ਸੰਪਾਦਕ–ਦਵਿੰਦਰ ਕੁਮਾਰ ਨੇ ਪ੍ਰਿੰਟ, ਇੰਪ੍ਰੈਸ਼ਨ ਪ੍ਰਿੰਟਿੰਗ ਅਤੇ ਪੈਕਿੰਗ ਲਿਮਿਟਿਡ, ਪਲਾਟ 22 ਅਤੇ 49 ਜੀਐਫ਼, ਇੰਡਸਟਰੀਅਲ ਏਰੀਆ, ਫੇਜ਼–2 ਪੰਚਕੂਲਾ (ਹਰਿਆਣਾ) ਤੋਂ ਪ੍ਰਕਾਸ਼ਿਤ Title code : CHAMUL00914
Editor-Davinder Kumar printed at Impression Printing & Packaging Ltd.Plot 22 & 49GF, Industrial Area, Phase-2 Panchkula(Haryana)-134115
